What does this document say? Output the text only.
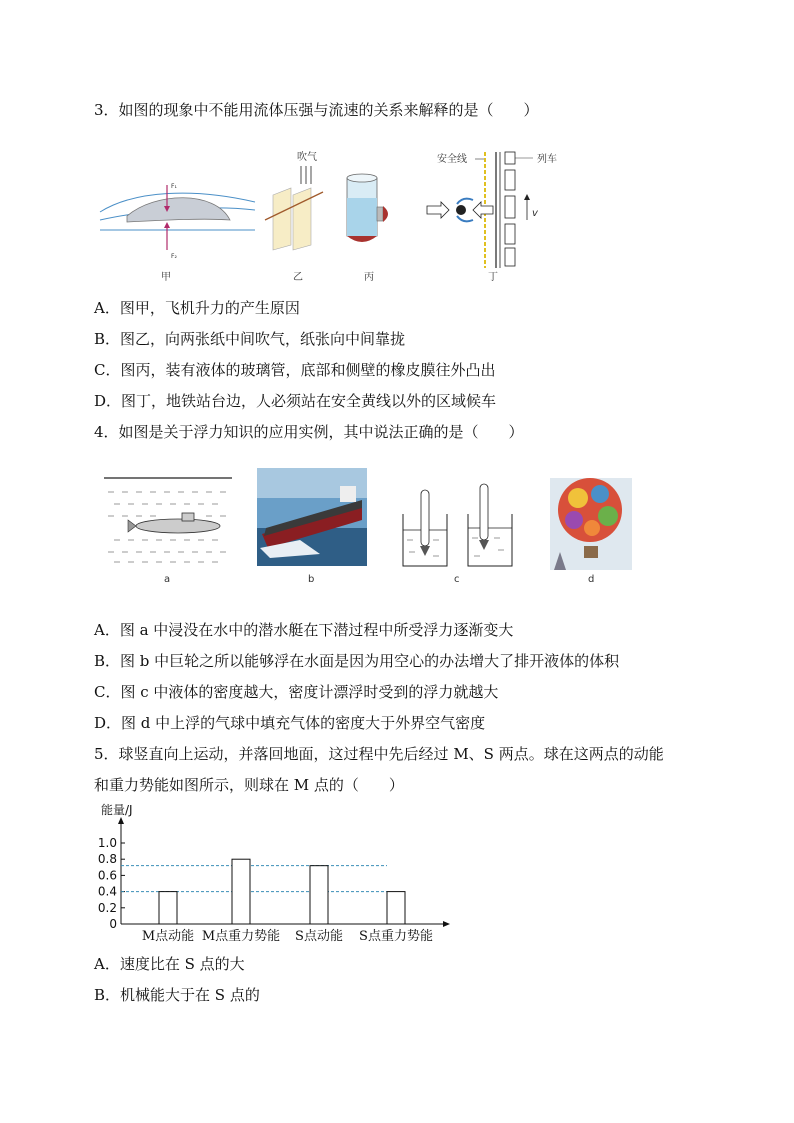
3．如图的现象中不能用流体压强与流速的关系来解释的是（　　）
F₁
F₂
甲
吹气
乙	丙
安全线	列车
v
丁
A．图甲，飞机升力的产生原因
B．图乙，向两张纸中间吹气，纸张向中间靠拢
C．图丙，装有液体的玻璃管，底部和侧壁的橡皮膜往外凸出
D．图丁，地铁站台边，人必须站在安全黄线以外的区域候车
4．如图是关于浮力知识的应用实例，其中说法正确的是（　　）
a	b	c	d
A．图 a 中浸没在水中的潜水艇在下潜过程中所受浮力逐渐变大
B．图 b 中巨轮之所以能够浮在水面是因为用空心的办法增大了排开液体的体积
C．图 c 中液体的密度越大，密度计漂浮时受到的浮力就越大
D．图 d 中上浮的气球中填充气体的密度大于外界空气密度
5．球竖直向上运动，并落回地面，这过程中先后经过 M、S 两点。球在这两点的动能
和重力势能如图所示，则球在 M 点的（　　）
能量/J
1.0
0.8
0.6
0.4
0.2
0
M点动能 M点重力势能 S点动能 S点重力势能
A．速度比在 S 点的大
B．机械能大于在 S 点的
